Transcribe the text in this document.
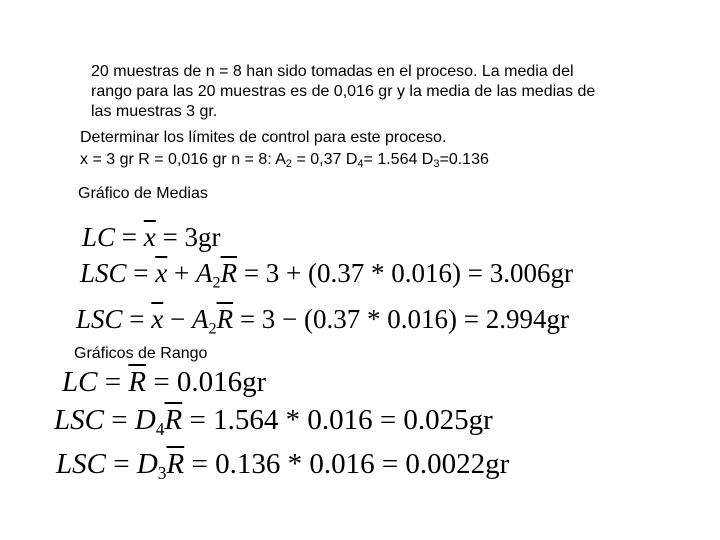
20 muestras de n = 8 han sido tomadas en el proceso. La media del
rango para las 20 muestras es de 0,016 gr y la media de las medias de
las muestras 3 gr.
Determinar los límites de control para este proceso.
x = 3 gr R = 0,016 gr n = 8: $A_2 = 0,37$ $D_4= 1.564$ $D_3=0.136$
Gráfico de Medias
LC = $\overline{x} = 3gr$
LSC = $\overline{x} + A_2\overline{R} = 3 + (0.37 * 0.016) = 3.006gr$
LSC = $\overline{x} - A_2\overline{R} = 3 - (0.37 * 0.016) = 2.994gr$
Gráficos de Rango
LC = $\overline{R} = 0.016gr$
LSC = $D_4\overline{R} = 1.564 * 0.016 = 0.025gr$
LSC = $D_3\overline{R} = 0.136 * 0.016 = 0.0022gr$
